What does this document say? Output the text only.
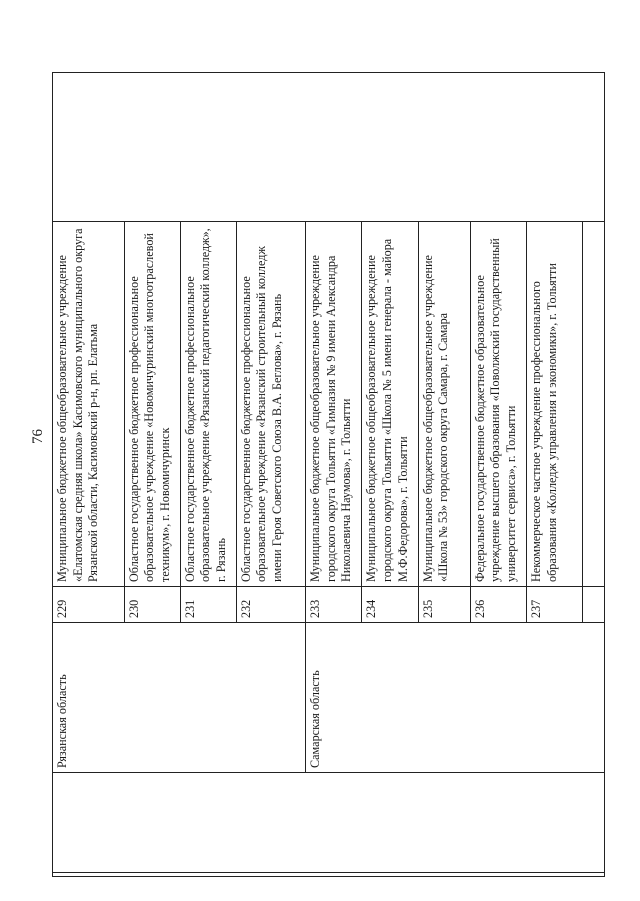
76
		Рязанская область	229	Муниципальное бюджетное общеобразовательное учреждение «Елатомская средняя школа» Касимовского муниципального округа Рязанской области, Касимовский р-н, рп. Елатьма	
			230	Областное государственное бюджетное профессиональное образовательное учреждение «Новомичуринский многоотраслевой техникум», г. Новомичуринск	
			231	Областное государственное бюджетное профессиональное образовательное учреждение «Рязанский педагогический колледж», г. Рязань	
			232	Областное государственное бюджетное профессиональное образовательное учреждение «Рязанский строительный колледж имени Героя Советского Союза В.А. Беглова», г. Рязань	
		Самарская область	233	Муниципальное бюджетное общеобразовательное учреждение городского округа Тольятти «Гимназия № 9 имени Александра Николаевича Наумова», г. Тольятти	
			234	Муниципальное бюджетное общеобразовательное учреждение городского округа Тольятти «Школа № 5 имени генерала - майора М.Ф.Федорова», г. Тольятти	
			235	Муниципальное бюджетное общеобразовательное учреждение «Школа № 53» городского округа Самара, г. Самара	
			236	Федеральное государственное бюджетное образовательное учреждение высшего образования «Поволжский государственный университет сервиса», г. Тольятти	
			237	Некоммерческое частное учреждение профессионального образования «Колледж управления и экономики», г. Тольятти	
